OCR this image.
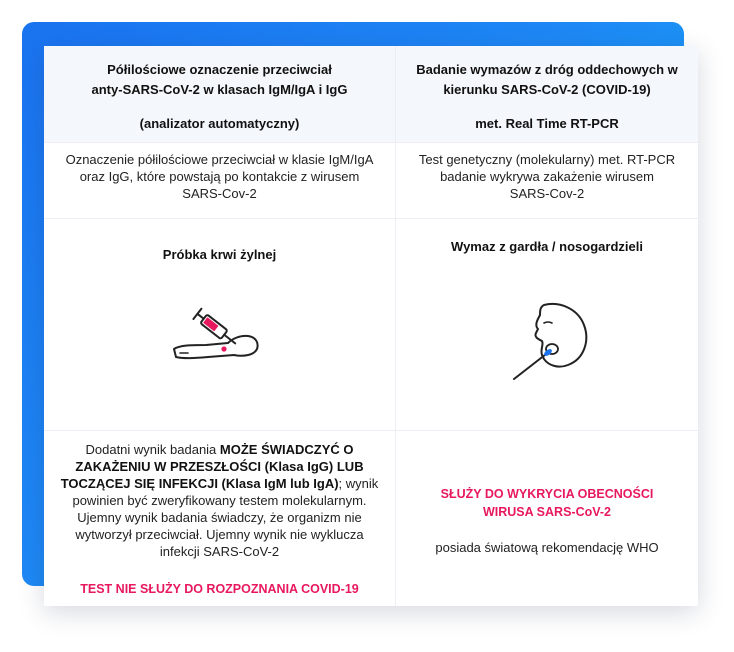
Półilościowe oznaczenie przeciwciał
anty-SARS-CoV-2 w klasach IgM/IgA i IgG
(analizator automatyczny)
Badanie wymazów z dróg oddechowych w
kierunku SARS-CoV-2 (COVID-19)
met. Real Time RT-PCR
Oznaczenie półilościowe przeciwciał w klasie IgM/IgA
oraz IgG, które powstają po kontakcie z wirusem
SARS-Cov-2
Test genetyczny (molekularny) met. RT-PCR
badanie wykrywa zakażenie wirusem
SARS-Cov-2
Próbka krwi żylnej
Wymaz z gardła / nosogardzieli
Dodatni wynik badania MOŻE ŚWIADCZYĆ O ZAKAŻENIU W PRZESZŁOŚCI (Klasa IgG) LUB TOCZĄCEJ SIĘ INFEKCJI (Klasa IgM lub IgA); wynik powinien być zweryfikowany testem molekularnym. Ujemny wynik badania świadczy, że organizm nie wytworzył przeciwciał. Ujemny wynik nie wyklucza infekcji SARS-CoV-2
TEST NIE SŁUŻY DO ROZPOZNANIA COVID-19
SŁUŻY DO WYKRYCIA OBECNOŚCI
WIRUSA SARS-CoV-2
posiada światową rekomendację WHO
